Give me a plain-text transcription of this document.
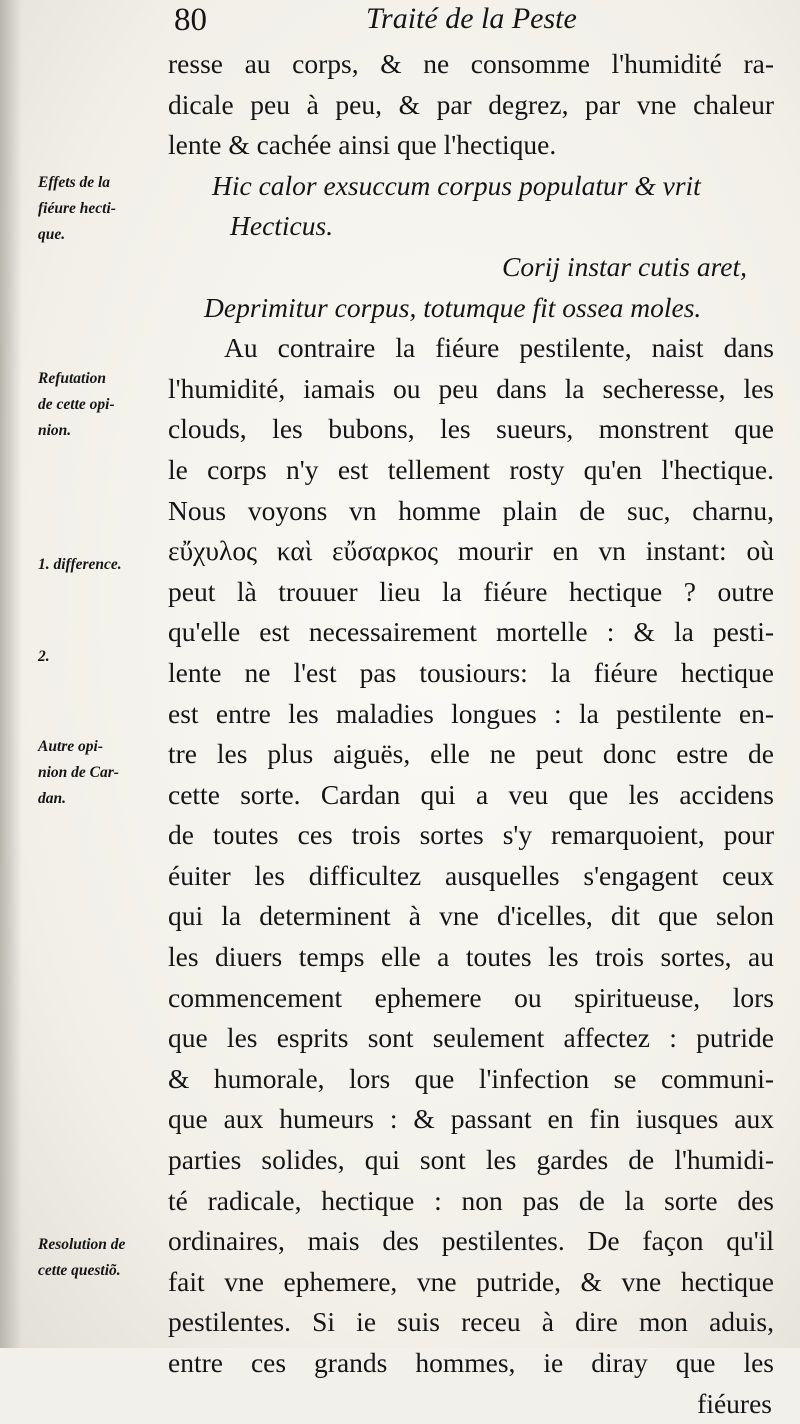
80	Traité de la Peste
resse au corps, & ne consomme l'humidité ra-
dicale peu à peu, & par degrez, par vne chaleur
lente & cachée ainsi que l'hectique.
Hic calor exsuccum corpus populatur & vrit
Hecticus.
Corij instar cutis aret,
Deprimitur corpus, totumque fit ossea moles.
Au contraire la fiéure pestilente, naist dans
l'humidité, iamais ou peu dans la secheresse, les
clouds, les bubons, les sueurs, monstrent que
le corps n'y est tellement rosty qu'en l'hectique.
Nous voyons vn homme plain de suc, charnu,
εὔχυλος καὶ εὔσαρκος mourir en vn instant: où
peut là trouuer lieu la fiéure hectique ? outre
qu'elle est necessairement mortelle : & la pesti-
lente ne l'est pas tousiours: la fiéure hectique
est entre les maladies longues : la pestilente en-
tre les plus aiguës, elle ne peut donc estre de
cette sorte. Cardan qui a veu que les accidens
de toutes ces trois sortes s'y remarquoient, pour
éuiter les difficultez ausquelles s'engagent ceux
qui la determinent à vne d'icelles, dit que selon
les diuers temps elle a toutes les trois sortes, au
commencement ephemere ou spiritueuse, lors
que les esprits sont seulement affectez : putride
& humorale, lors que l'infection se communi-
que aux humeurs : & passant en fin iusques aux
parties solides, qui sont les gardes de l'humidi-
té radicale, hectique : non pas de la sorte des
ordinaires, mais des pestilentes. De façon qu'il
fait vne ephemere, vne putride, & vne hectique
pestilentes. Si ie suis receu à dire mon aduis,
entre ces grands hommes, ie diray que les
fiéures
Effets de la
fiéure hecti-
que.
Refutation
de cette opi-
nion.
1. difference.
2.
Autre opi-
nion de Car-
dan.
Resolution de
cette questiõ.
